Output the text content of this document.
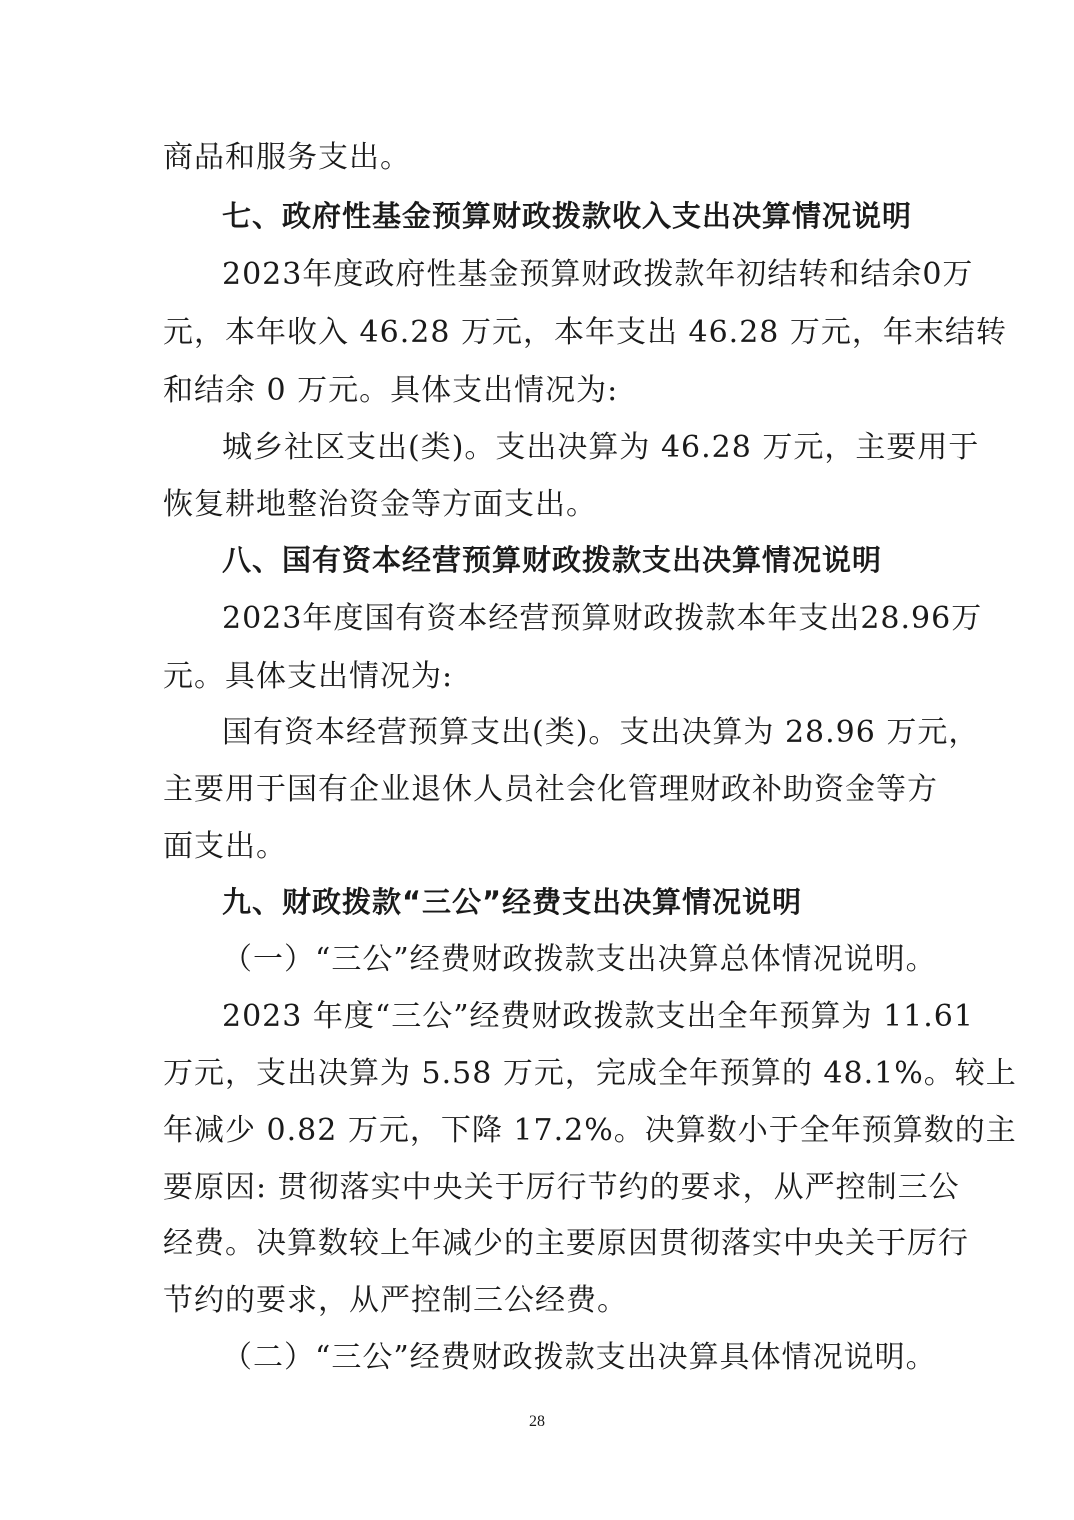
商品和服务支出。
七、政府性基金预算财政拨款收入支出决算情况说明
2023年度政府性基金预算财政拨款年初结转和结余0万
元，本年收入 46.28 万元，本年支出 46.28 万元，年末结转
和结余 0 万元。具体支出情况为:
城乡社区支出(类)。支出决算为 46.28 万元，主要用于
恢复耕地整治资金等方面支出。
八、国有资本经营预算财政拨款支出决算情况说明
2023年度国有资本经营预算财政拨款本年支出28.96万
元。具体支出情况为:
国有资本经营预算支出(类)。支出决算为 28.96 万元，
主要用于国有企业退休人员社会化管理财政补助资金等方
面支出。
九、财政拨款“三公”经费支出决算情况说明
（一）“三公”经费财政拨款支出决算总体情况说明。
2023 年度“三公”经费财政拨款支出全年预算为 11.61
万元，支出决算为 5.58 万元，完成全年预算的 48.1%。较上
年减少 0.82 万元，下降 17.2%。决算数小于全年预算数的主
要原因: 贯彻落实中央关于厉行节约的要求，从严控制三公
经费。决算数较上年减少的主要原因贯彻落实中央关于厉行
节约的要求，从严控制三公经费。
（二）“三公”经费财政拨款支出决算具体情况说明。
28
